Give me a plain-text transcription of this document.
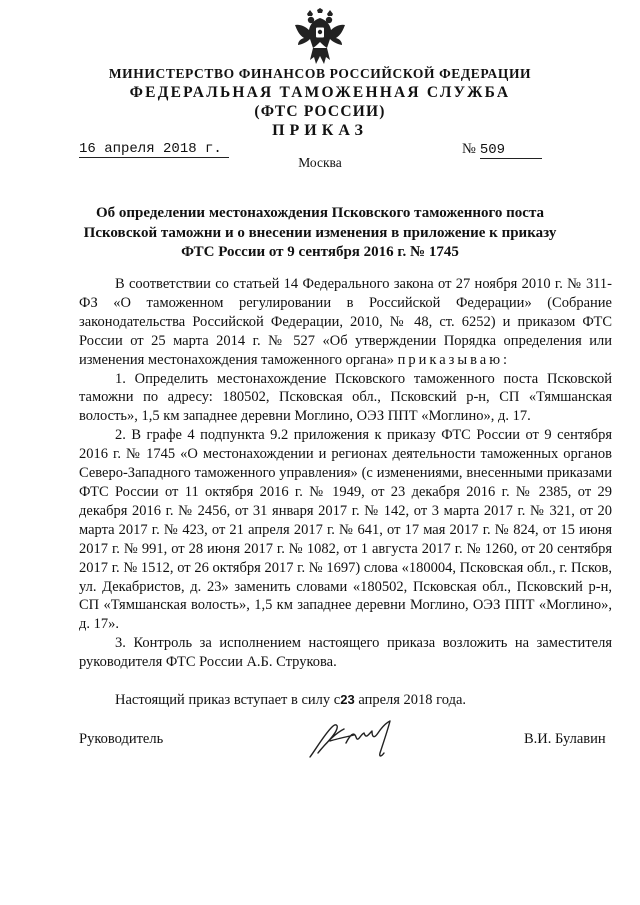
МИНИСТЕРСТВО ФИНАНСОВ РОССИЙСКОЙ ФЕДЕРАЦИИ
ФЕДЕРАЛЬНАЯ ТАМОЖЕННАЯ СЛУЖБА
(ФТС РОССИИ)
ПРИКАЗ
16 апреля 2018 г.	№ 509
Москва
Об определении местонахождения Псковского таможенного поста Псковской таможни и о внесении изменения в приложение к приказу ФТС России от 9 сентября 2016 г. № 1745

В соответствии со статьей 14 Федерального закона от 27 ноября 2010 г. № 311-ФЗ «О таможенном регулировании в Российской Федерации» (Собрание законодательства Российской Федерации, 2010, № 48, ст. 6252) и приказом ФТС России от 25 марта 2014 г. № 527 «Об утверждении Порядка определения или изменения местонахождения таможенного органа» приказываю:

1. Определить местонахождение Псковского таможенного поста Псковской таможни по адресу: 180502, Псковская обл., Псковский р-н, СП «Тямшанская волость», 1,5 км западнее деревни Моглино, ОЭЗ ППТ «Моглино», д. 17.

2. В графе 4 подпункта 9.2 приложения к приказу ФТС России от 9 сентября 2016 г. № 1745 «О местонахождении и регионах деятельности таможенных органов Северо-Западного таможенного управления» (с изменениями, внесенными приказами ФТС России от 11 октября 2016 г. № 1949, от 23 декабря 2016 г. № 2385, от 29 декабря 2016 г. № 2456, от 31 января 2017 г. № 142, от 3 марта 2017 г. № 321, от 20 марта 2017 г. № 423, от 21 апреля 2017 г. № 641, от 17 мая 2017 г. № 824, от 15 июня 2017 г. № 991, от 28 июня 2017 г. № 1082, от 1 августа 2017 г. № 1260, от 20 сентября 2017 г. № 1512, от 26 октября 2017 г. № 1697) слова «180004, Псковская обл., г. Псков, ул. Декабристов, д. 23» заменить словами «180502, Псковская обл., Псковский р-н, СП «Тямшанская волость», 1,5 км западнее деревни Моглино, ОЭЗ ППТ «Моглино», д. 17».

3. Контроль за исполнением настоящего приказа возложить на заместителя руководителя ФТС России А.Б. Струкова.

Настоящий приказ вступает в силу с23 апреля 2018 года.

Руководитель	В.И. Булавин
